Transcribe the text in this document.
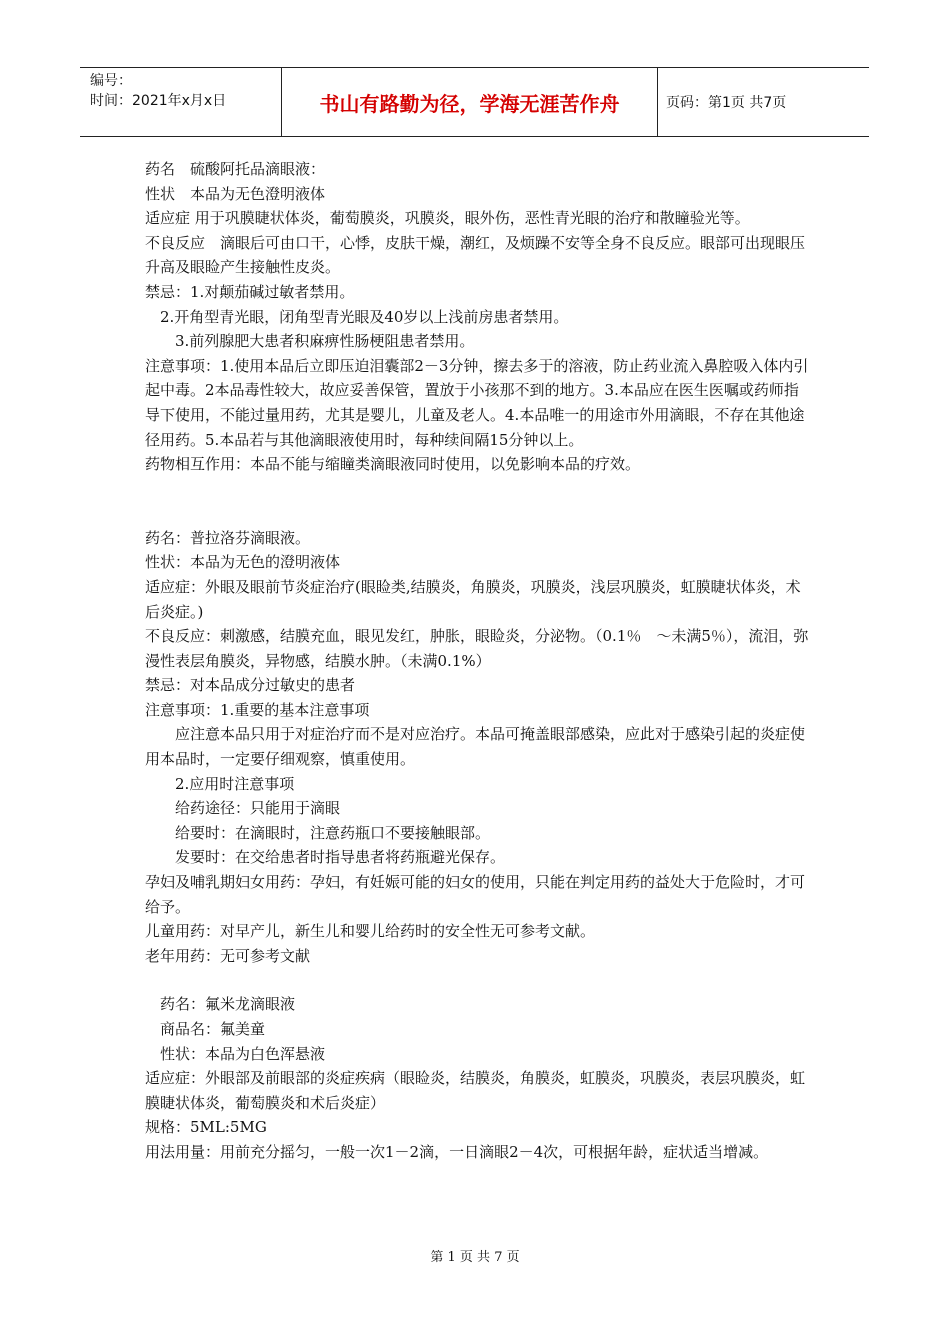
编号：
时间：2021年x月x日	书山有路勤为径，学海无涯苦作舟	页码：第1页 共7页

药名　硫酸阿托品滴眼液：

性状　本品为无色澄明液体

适应症 用于巩膜睫状体炎，葡萄膜炎，巩膜炎，眼外伤，恶性青光眼的治疗和散瞳验光等。

不良反应　滴眼后可由口干，心悸，皮肤干燥，潮红，及烦躁不安等全身不良反应。眼部可出现眼压升高及眼睑产生接触性皮炎。

禁忌：1.对颠茄碱过敏者禁用。

　2.开角型青光眼，闭角型青光眼及40岁以上浅前房患者禁用。

　　3.前列腺肥大患者积麻痹性肠梗阻患者禁用。

注意事项：1.使用本品后立即压迫泪囊部2－3分钟，擦去多于的溶液，防止药业流入鼻腔吸入体内引起中毒。2本品毒性较大，故应妥善保管，置放于小孩那不到的地方。3.本品应在医生医嘱或药师指导下使用，不能过量用药，尤其是婴儿，儿童及老人。4.本品唯一的用途市外用滴眼，不存在其他途径用药。5.本品若与其他滴眼液使用时，每种续间隔15分钟以上。

药物相互作用：本品不能与缩瞳类滴眼液同时使用，以免影响本品的疗效。

药名：普拉洛芬滴眼液。

性状：本品为无色的澄明液体

适应症：外眼及眼前节炎症治疗(眼睑类,结膜炎，角膜炎，巩膜炎，浅层巩膜炎，虹膜睫状体炎，术后炎症。)

不良反应：刺激感，结膜充血，眼见发红，肿胀，眼睑炎，分泌物。（0.1％　～未满5％），流泪，弥漫性表层角膜炎，异物感，结膜水肿。（未满0.1%）

禁忌：对本品成分过敏史的患者

注意事项：1.重要的基本注意事项

　　应注意本品只用于对症治疗而不是对应治疗。本品可掩盖眼部感染，应此对于感染引起的炎症使用本品时，一定要仔细观察，慎重使用。

　　2.应用时注意事项

　　给药途径：只能用于滴眼

　　给要时：在滴眼时，注意药瓶口不要接触眼部。

　　发要时：在交给患者时指导患者将药瓶避光保存。

孕妇及哺乳期妇女用药：孕妇，有妊娠可能的妇女的使用，只能在判定用药的益处大于危险时，才可给予。

儿童用药：对早产儿，新生儿和婴儿给药时的安全性无可参考文献。

老年用药：无可参考文献

　药名：氟米龙滴眼液

　商品名：氟美童

　性状：本品为白色浑悬液

适应症：外眼部及前眼部的炎症疾病（眼睑炎，结膜炎，角膜炎，虹膜炎，巩膜炎，表层巩膜炎，虹膜睫状体炎，葡萄膜炎和术后炎症）

规格：5ML:5MG

用法用量：用前充分摇匀，一般一次1－2滴，一日滴眼2－4次，可根据年龄，症状适当增减。

第 1 页 共 7 页
